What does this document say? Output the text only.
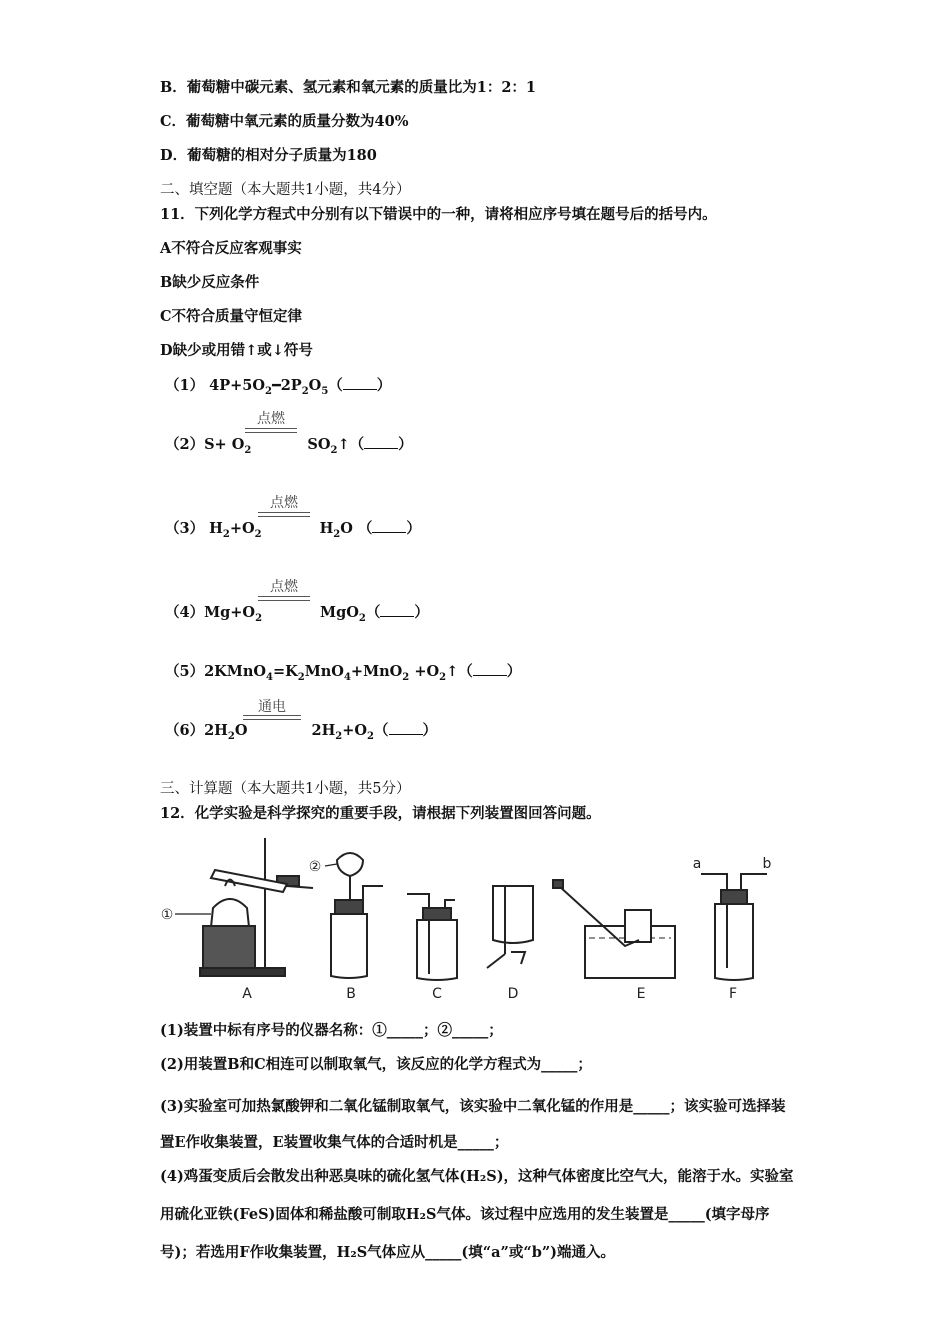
B．葡萄糖中碳元素、氢元素和氧元素的质量比为1：2：1
C．葡萄糖中氧元素的质量分数为40%
D．葡萄糖的相对分子质量为180
二、填空题（本大题共1小题，共4分）
11．下列化学方程式中分别有以下错误中的一种，请将相应序号填在题号后的括号内。
A不符合反应客观事实
B缺少反应条件
C不符合质量守恒定律
D缺少或用错↑或↓符号
（1） $4P+5O_2━2P_2O_5$（ ）
点燃
$(2)S+ O_2$	$SO_2↑$（ ）
点燃
（3） $H_2+O_2$	$H_2O$ （ ）
点燃
$(4)Mg+O_2$	MgO$_2$（ ）
$(5)2KMnO_4=K_2MnO_4+MnO_2$ $+O_2↑$（ ）
通电
$(6)2H_2O$	$2H_2+O_2$（ ）
三、计算题（本大题共1小题，共5分）
12．化学实验是科学探究的重要手段，请根据下列装置图回答问题。
①
②	a	b
A	B	C	D	E	F
(1)装置中标有序号的仪器名称：①_____；②_____；
(2)用装置B和C相连可以制取氧气，该反应的化学方程式为_____；
(3)实验室可加热氯酸钾和二氧化锰制取氧气，该实验中二氧化锰的作用是_____；该实验可选择装置E作收集装置，E装置收集气体的合适时机是_____；
(4)鸡蛋变质后会散发出种恶臭味的硫化氢气体(H₂S)，这种气体密度比空气大，能溶于水。实验室用硫化亚铁(FeS)固体和稀盐酸可制取H₂S气体。该过程中应选用的发生装置是_____(填字母序号)；若选用F作收集装置，H₂S气体应从_____(填“a”或“b”)端通入。
